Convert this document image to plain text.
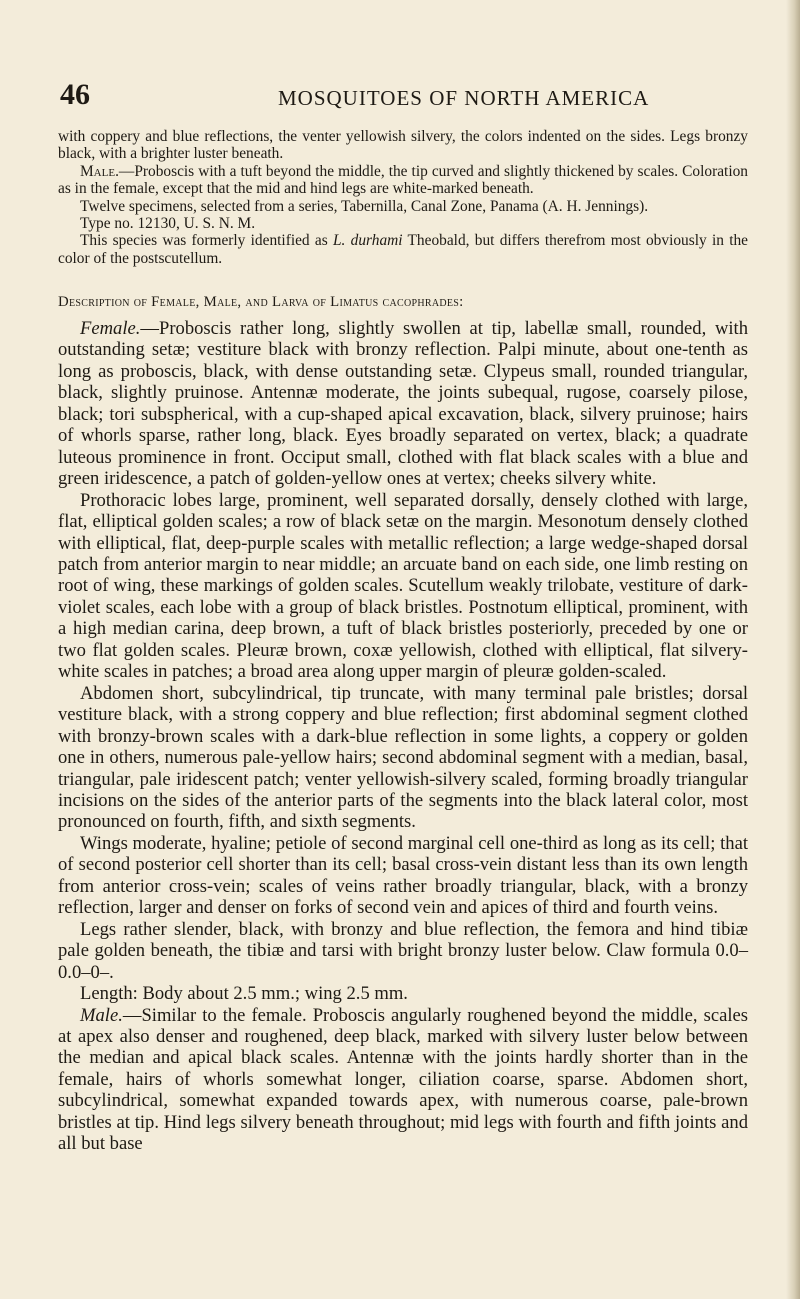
46	MOSQUITOES OF NORTH AMERICA

with coppery and blue reflections, the venter yellowish silvery, the colors indented on the sides. Legs bronzy black, with a brighter luster beneath.

Male.—Proboscis with a tuft beyond the middle, the tip curved and slightly thickened by scales. Coloration as in the female, except that the mid and hind legs are white-marked beneath.

Twelve specimens, selected from a series, Tabernilla, Canal Zone, Panama (A. H. Jennings).

Type no. 12130, U. S. N. M.

This species was formerly identified as L. durhami Theobald, but differs therefrom most obviously in the color of the postscutellum.

Description of Female, Male, and Larva of Limatus cacophrades:

Female.—Proboscis rather long, slightly swollen at tip, labellæ small, rounded, with outstanding setæ; vestiture black with bronzy reflection. Palpi minute, about one-tenth as long as proboscis, black, with dense outstanding setæ. Clypeus small, rounded triangular, black, slightly pruinose. Antennæ moderate, the joints subequal, rugose, coarsely pilose, black; tori subspherical, with a cup-shaped apical excavation, black, silvery pruinose; hairs of whorls sparse, rather long, black. Eyes broadly separated on vertex, black; a quadrate luteous prominence in front. Occiput small, clothed with flat black scales with a blue and green iridescence, a patch of golden-yellow ones at vertex; cheeks silvery white.

Prothoracic lobes large, prominent, well separated dorsally, densely clothed with large, flat, elliptical golden scales; a row of black setæ on the margin. Mesonotum densely clothed with elliptical, flat, deep-purple scales with metallic reflection; a large wedge-shaped dorsal patch from anterior margin to near middle; an arcuate band on each side, one limb resting on root of wing, these markings of golden scales. Scutellum weakly trilobate, vestiture of dark-violet scales, each lobe with a group of black bristles. Postnotum elliptical, prominent, with a high median carina, deep brown, a tuft of black bristles posteriorly, preceded by one or two flat golden scales. Pleuræ brown, coxæ yellowish, clothed with elliptical, flat silvery-white scales in patches; a broad area along upper margin of pleuræ golden-scaled.

Abdomen short, subcylindrical, tip truncate, with many terminal pale bristles; dorsal vestiture black, with a strong coppery and blue reflection; first abdominal segment clothed with bronzy-brown scales with a dark-blue reflection in some lights, a coppery or golden one in others, numerous pale-yellow hairs; second abdominal segment with a median, basal, triangular, pale iridescent patch; venter yellowish-silvery scaled, forming broadly triangular incisions on the sides of the anterior parts of the segments into the black lateral color, most pronounced on fourth, fifth, and sixth segments.

Wings moderate, hyaline; petiole of second marginal cell one-third as long as its cell; that of second posterior cell shorter than its cell; basal cross-vein distant less than its own length from anterior cross-vein; scales of veins rather broadly triangular, black, with a bronzy reflection, larger and denser on forks of second vein and apices of third and fourth veins.

Legs rather slender, black, with bronzy and blue reflection, the femora and hind tibiæ pale golden beneath, the tibiæ and tarsi with bright bronzy luster below. Claw formula 0.0–0.0–0–.

Length: Body about 2.5 mm.; wing 2.5 mm.

Male.—Similar to the female. Proboscis angularly roughened beyond the middle, scales at apex also denser and roughened, deep black, marked with silvery luster below between the median and apical black scales. Antennæ with the joints hardly shorter than in the female, hairs of whorls somewhat longer, ciliation coarse, sparse. Abdomen short, subcylindrical, somewhat expanded towards apex, with numerous coarse, pale-brown bristles at tip. Hind legs silvery beneath throughout; mid legs with fourth and fifth joints and all but base
